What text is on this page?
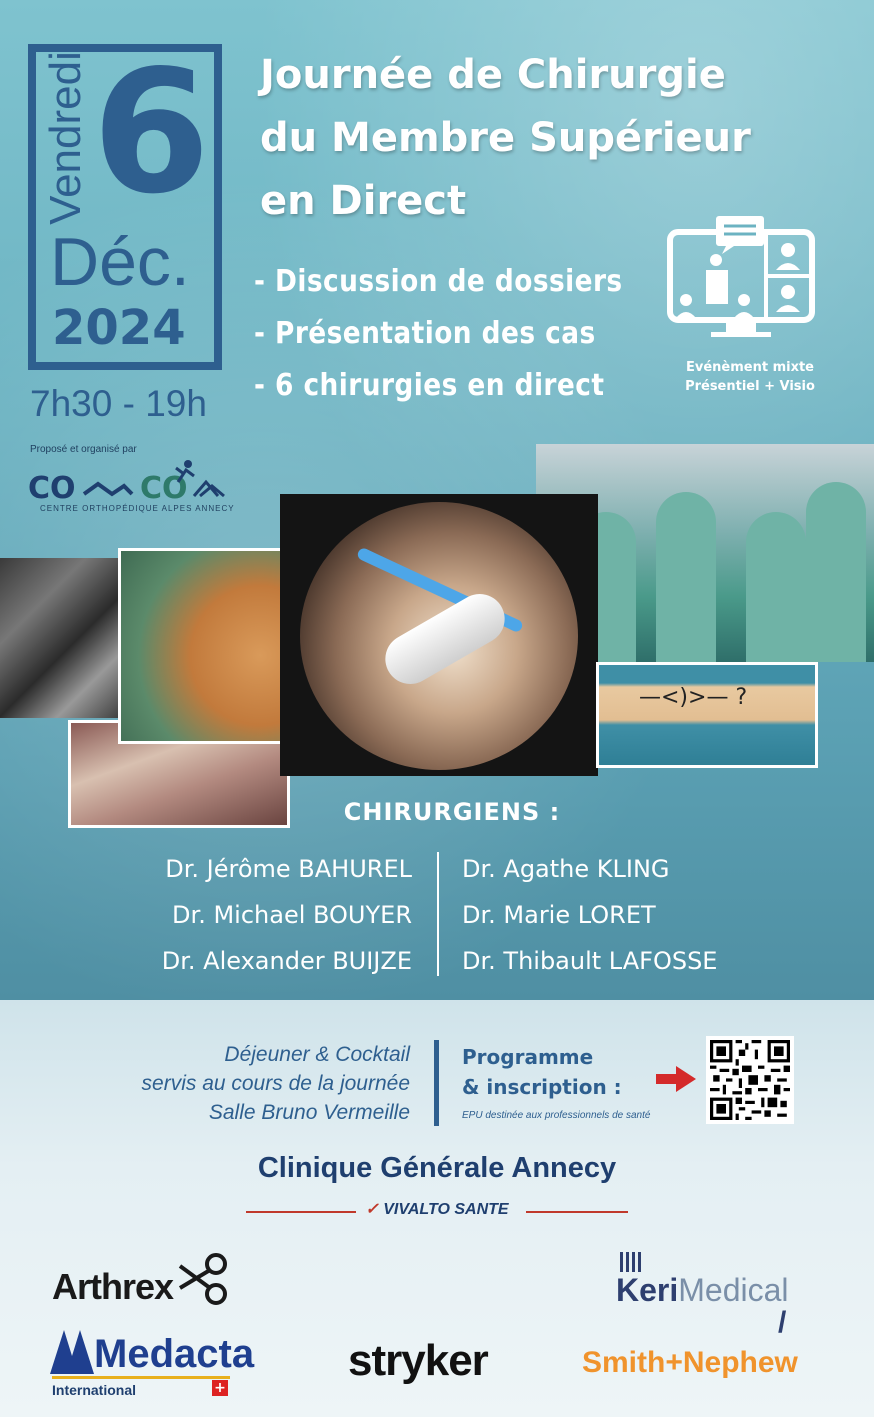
Vendredi 6
Déc.
2024
7h30 - 19h
Proposé et organisé par
CO CO
CENTRE ORTHOPÉDIQUE ALPES ANNECY
Journée de Chirurgie
du Membre Supérieur
en Direct
- Discussion de dossiers
- Présentation des cas
- 6 chirurgies en direct
Evénèment mixte
Présentiel + Visio
—<)>— ?
CHIRURGIENS :
Dr. Jérôme BAHUREL
Dr. Michael BOUYER
Dr. Alexander BUIJZE
Dr. Agathe KLING
Dr. Marie LORET
Dr. Thibault LAFOSSE
Déjeuner & Cocktail
servis au cours de la journée
Salle Bruno Vermeille
Programme
& inscription :
EPU destinée aux professionnels de santé
Clinique Générale Annecy
✓ VIVALTO SANTE
Arthrex
Medacta
International	+
stryker
KeriMedical
/
Smith+Nephew
